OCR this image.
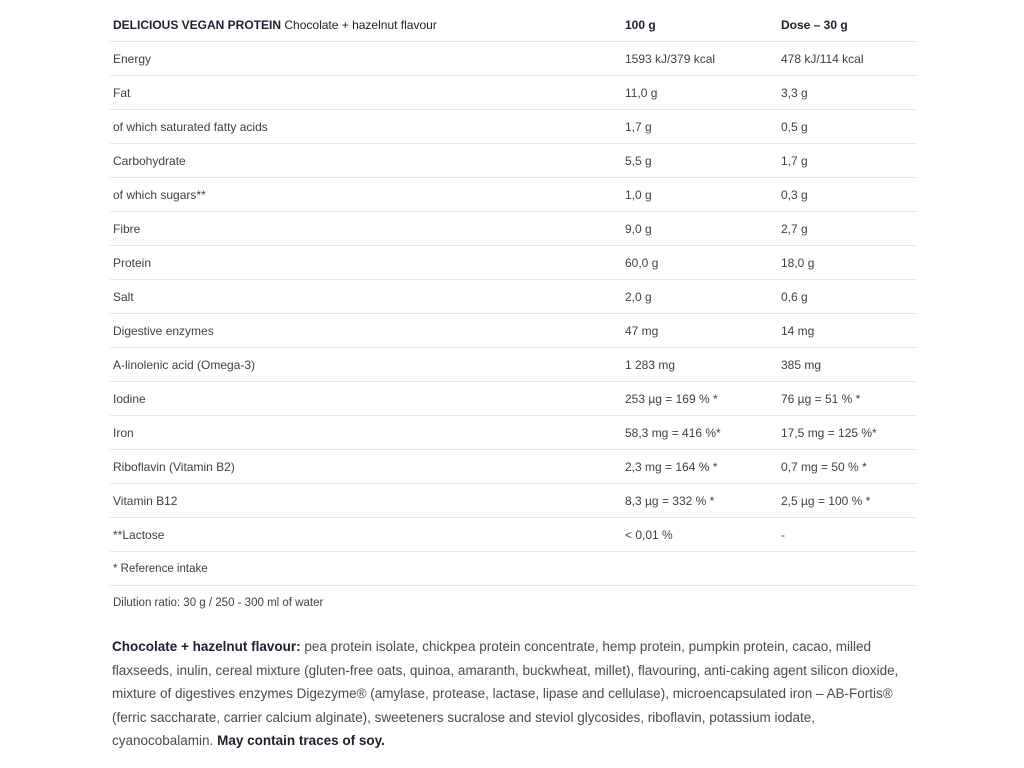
DELICIOUS VEGAN PROTEIN Chocolate + hazelnut flavour	100 g	Dose – 30 g
Energy	1593 kJ/379 kcal	478 kJ/114 kcal
Fat	11,0 g	3,3 g
of which saturated fatty acids	1,7 g	0,5 g
Carbohydrate	5,5 g	1,7 g
of which sugars**	1,0 g	0,3 g
Fibre	9,0 g	2,7 g
Protein	60,0 g	18,0 g
Salt	2,0 g	0,6 g
Digestive enzymes	47 mg	14 mg
A-linolenic acid (Omega-3)	1 283 mg	385 mg
Iodine	253 µg = 169 % *	76 µg = 51 % *
Iron	58,3 mg = 416 %*	17,5 mg = 125 %*
Riboflavin (Vitamin B2)	2,3 mg = 164 % *	0,7 mg = 50 % *
Vitamin B12	8,3 µg = 332 % *	2,5 µg = 100 % *
**Lactose	< 0,01 %	-
* Reference intake		
Dilution ratio: 30 g / 250 - 300 ml of water		

Chocolate + hazelnut flavour: pea protein isolate, chickpea protein concentrate, hemp protein, pumpkin protein, cacao, milled flaxseeds, inulin, cereal mixture (gluten-free oats, quinoa, amaranth, buckwheat, millet), flavouring, anti-caking agent silicon dioxide, mixture of digestives enzymes Digezyme® (amylase, protease, lactase, lipase and cellulase), microencapsulated iron – AB-Fortis® (ferric saccharate, carrier calcium alginate), sweeteners sucralose and steviol glycosides, riboflavin, potassium iodate, cyanocobalamin. May contain traces of soy.
